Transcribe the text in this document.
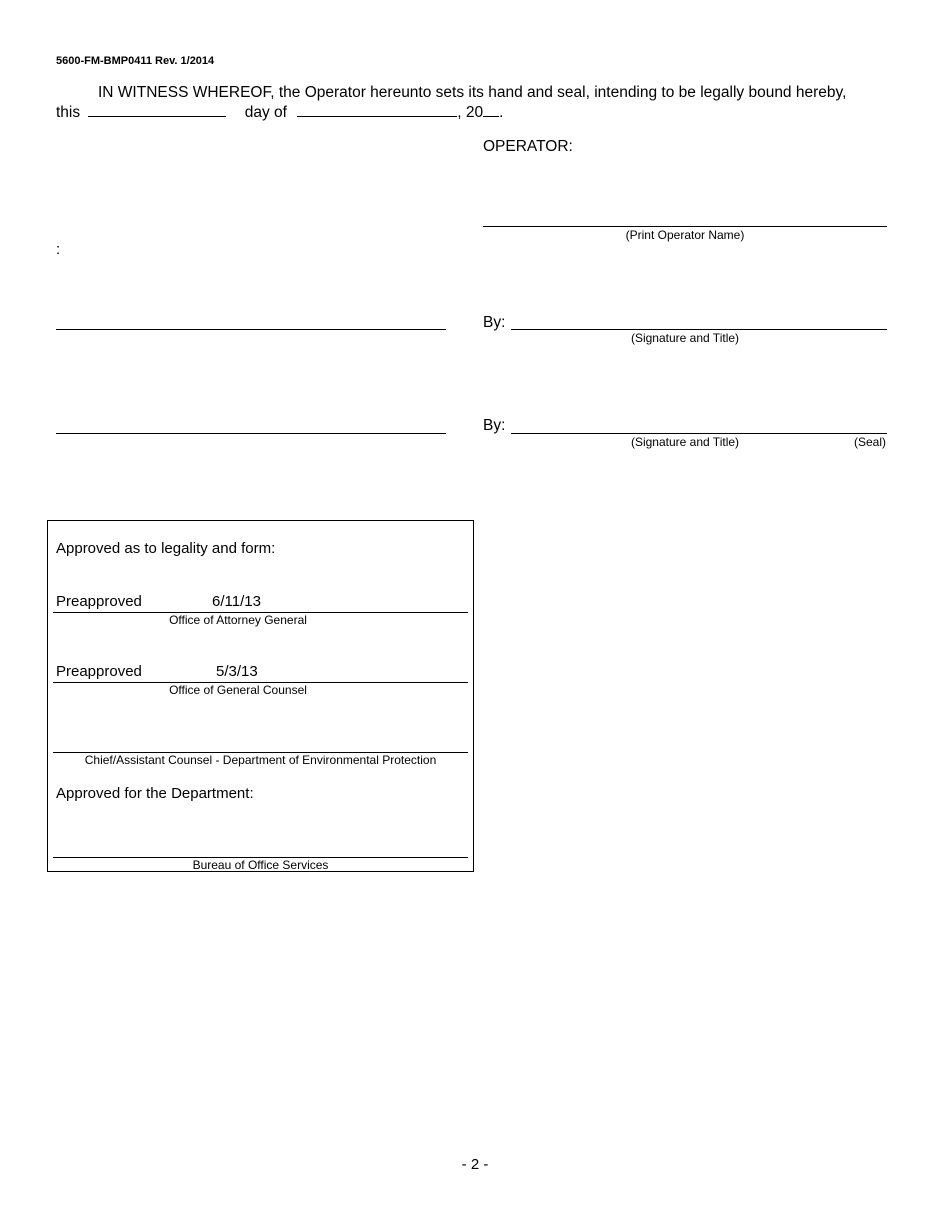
5600-FM-BMP0411 Rev. 1/2014
IN WITNESS WHEREOF, the Operator hereunto sets its hand and seal, intending to be legally bound hereby,
this	day of	, 20 .
OPERATOR:
(Print Operator Name)
:
By:
(Signature and Title)
By:
(Signature and Title)	(Seal)
Approved as to legality and form:
Preapproved	6/11/13
Office of Attorney General
Preapproved	5/3/13
Office of General Counsel
Chief/Assistant Counsel - Department of Environmental Protection
Approved for the Department:
Bureau of Office Services
- 2 -
